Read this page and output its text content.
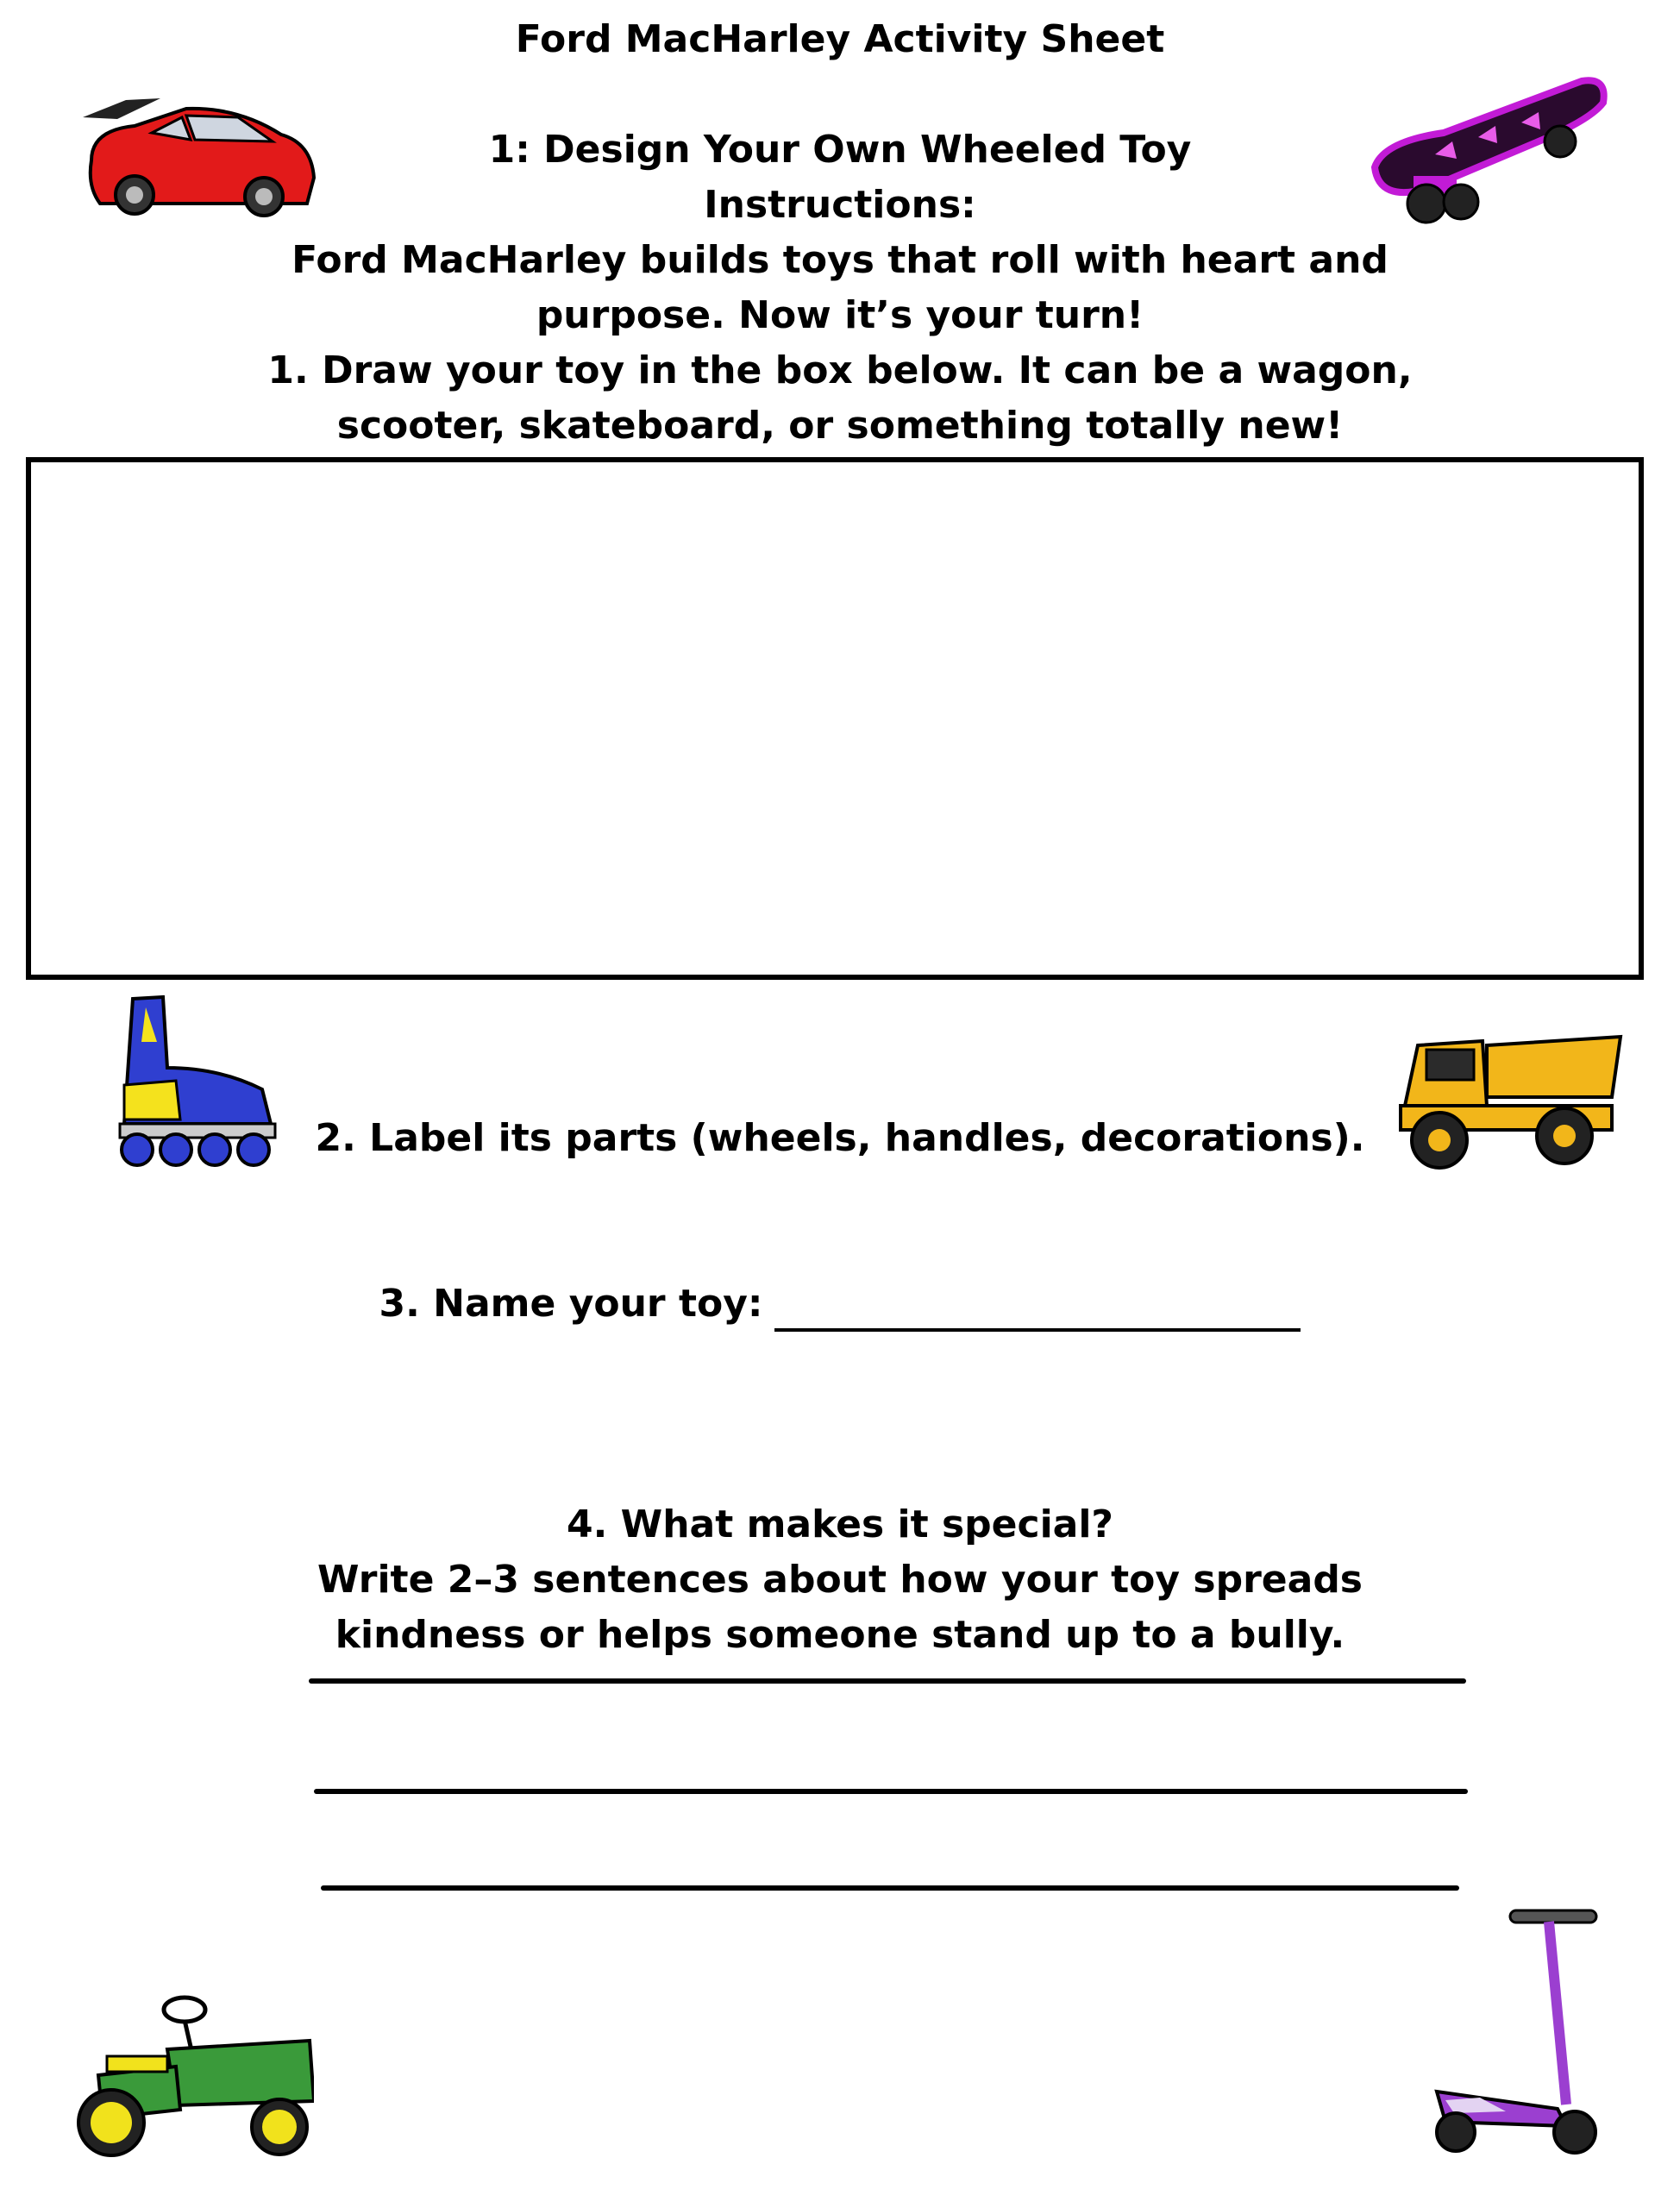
Ford MacHarley Activity Sheet
1: Design Your Own Wheeled Toy
Instructions:
Ford MacHarley builds toys that roll with heart and
purpose. Now it’s your turn!
1. Draw your toy in the box below. It can be a wagon,
scooter, skateboard, or something totally new!
2. Label its parts (wheels, handles, decorations).
3. Name your toy:
4. What makes it special?
Write 2–3 sentences about how your toy spreads
kindness or helps someone stand up to a bully.
